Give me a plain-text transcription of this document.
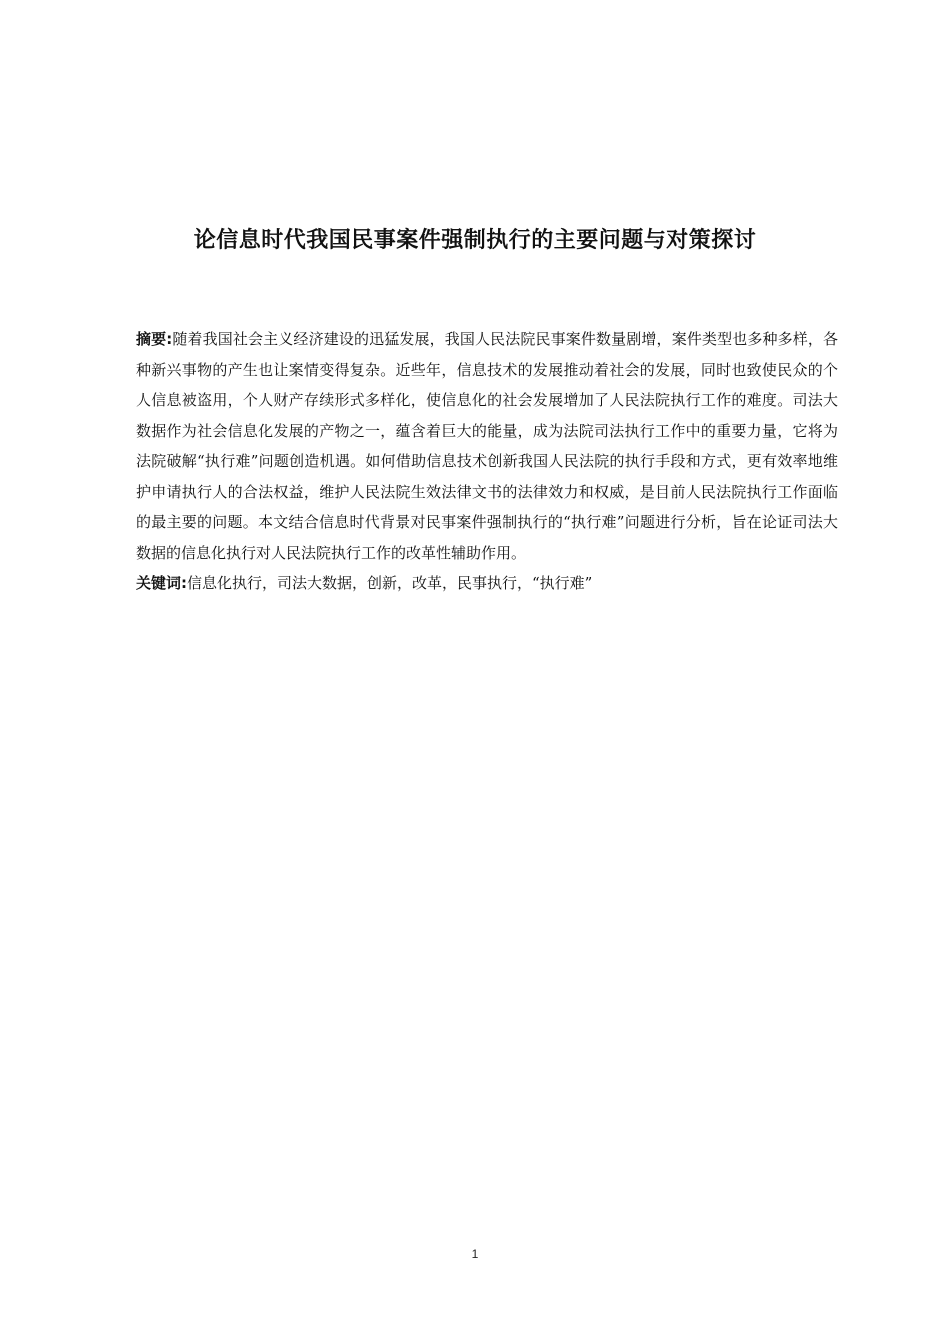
论信息时代我国民事案件强制执行的主要问题与对策探讨

摘要:随着我国社会主义经济建设的迅猛发展，我国人民法院民事案件数量剧增，案件类型也多种多样，各种新兴事物的产生也让案情变得复杂。近些年，信息技术的发展推动着社会的发展，同时也致使民众的个人信息被盗用，个人财产存续形式多样化，使信息化的社会发展增加了人民法院执行工作的难度。司法大数据作为社会信息化发展的产物之一，蕴含着巨大的能量，成为法院司法执行工作中的重要力量，它将为法院破解“执行难”问题创造机遇。如何借助信息技术创新我国人民法院的执行手段和方式，更有效率地维护申请执行人的合法权益，维护人民法院生效法律文书的法律效力和权威，是目前人民法院执行工作面临的最主要的问题。本文结合信息时代背景对民事案件强制执行的“执行难”问题进行分析，旨在论证司法大数据的信息化执行对人民法院执行工作的改革性辅助作用。

关键词:信息化执行，司法大数据，创新，改革，民事执行，“执行难”

1
